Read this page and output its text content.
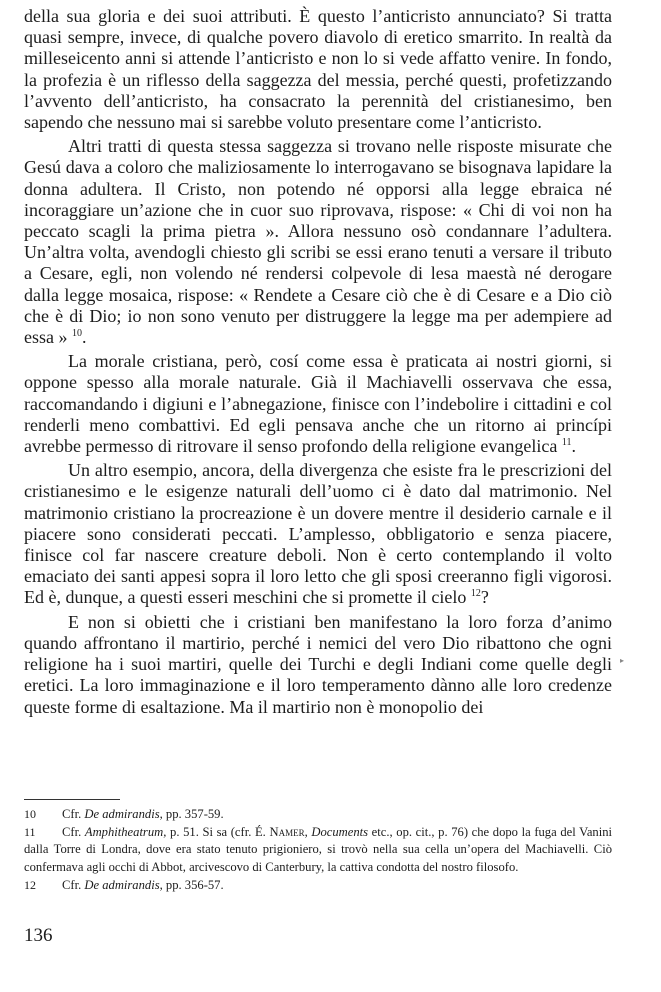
della sua gloria e dei suoi attributi. È questo l’anticristo annunciato? Si tratta quasi sempre, invece, di qualche povero diavolo di eretico smarrito. In realtà da milleseicento anni si attende l’anticristo e non lo si vede affatto venire. In fondo, la profezia è un riflesso della saggezza del messia, perché questi, profetizzando l’avvento dell’anticristo, ha consacrato la perennità del cristianesimo, ben sapendo che nessuno mai si sarebbe voluto presentare come l’anticristo.

Altri tratti di questa stessa saggezza si trovano nelle risposte misurate che Gesú dava a coloro che maliziosamente lo interrogavano se bisognava lapidare la donna adultera. Il Cristo, non potendo né opporsi alla legge ebraica né incoraggiare un’azione che in cuor suo riprovava, rispose: « Chi di voi non ha peccato scagli la prima pietra ». Allora nessuno osò condannare l’adultera. Un’altra volta, avendogli chiesto gli scribi se essi erano tenuti a versare il tributo a Cesare, egli, non volendo né rendersi colpevole di lesa maestà né derogare dalla legge mosaica, rispose: « Rendete a Cesare ciò che è di Cesare e a Dio ciò che è di Dio; io non sono venuto per distruggere la legge ma per adempiere ad essa » $^{10}$.

La morale cristiana, però, cosí come essa è praticata ai nostri giorni, si oppone spesso alla morale naturale. Già il Machiavelli osservava che essa, raccomandando i digiuni e l’abnegazione, finisce con l’indebolire i cittadini e col renderli meno combattivi. Ed egli pensava anche che un ritorno ai princípi avrebbe permesso di ritrovare il senso profondo della religione evangelica $^{11}$.

Un altro esempio, ancora, della divergenza che esiste fra le prescrizioni del cristianesimo e le esigenze naturali dell’uomo ci è dato dal matrimonio. Nel matrimonio cristiano la procreazione è un dovere mentre il desiderio carnale e il piacere sono considerati peccati. L’amplesso, obbligatorio e senza piacere, finisce col far nascere creature deboli. Non è certo contemplando il volto emaciato dei santi appesi sopra il loro letto che gli sposi creeranno figli vigorosi. Ed è, dunque, a questi esseri meschini che si promette il cielo $^{12}$?

E non si obietti che i cristiani ben manifestano la loro forza d’animo quando affrontano il martirio, perché i nemici del vero Dio ribattono che ogni religione ha i suoi martiri, quelle dei Turchi e degli Indiani come quelle degli eretici. La loro immaginazione e il loro temperamento dànno alle loro credenze queste forme di esaltazione. Ma il martirio non è monopolio dei

10 Cfr. De admirandis, pp. 357-59.

11 Cfr. Amphitheatrum, p. 51. Si sa (cfr. É. Namer, Documents etc., op. cit., p. 76) che dopo la fuga del Vanini dalla Torre di Londra, dove era stato tenuto prigioniero, si trovò nella sua cella un’opera del Machiavelli. Ciò confermava agli occhi di Abbot, arcivescovo di Canterbury, la cattiva condotta del nostro filosofo.

12 Cfr. De admirandis, pp. 356-57.

136
▸
